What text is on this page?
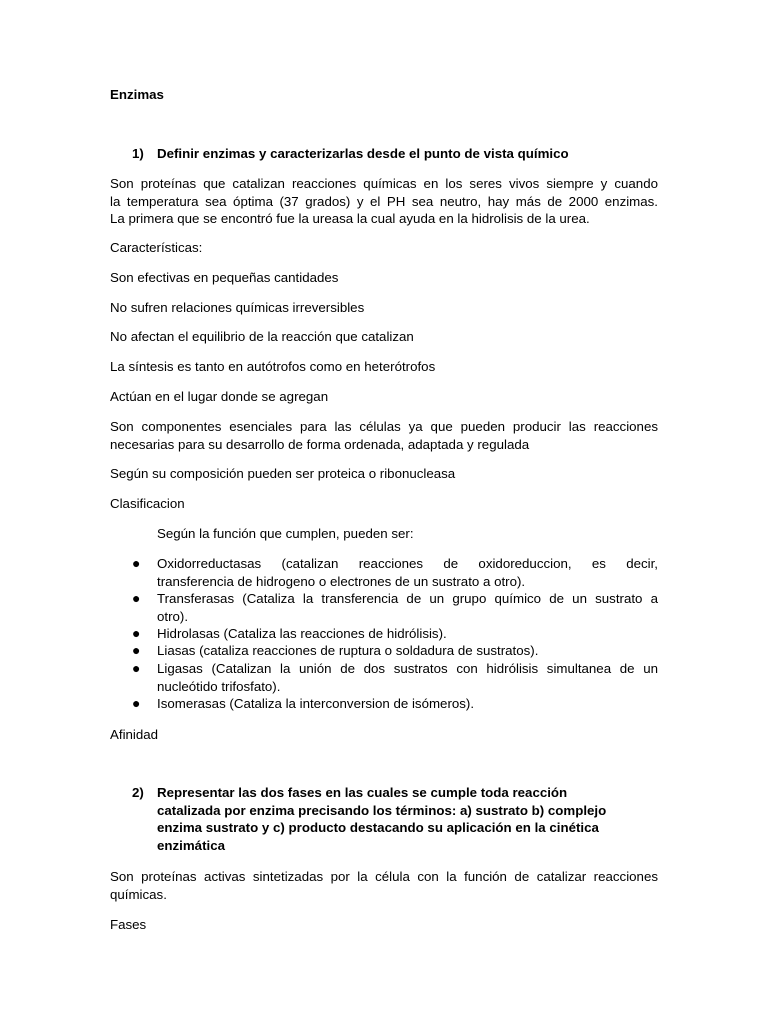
Enzimas

1) Definir enzimas y caracterizarlas desde el punto de vista químico

Son proteínas que catalizan reacciones químicas en los seres vivos siempre y cuando
la temperatura sea óptima (37 grados) y el PH sea neutro, hay más de 2000 enzimas.
La primera que se encontró fue la ureasa la cual ayuda en la hidrolisis de la urea.

Características:

Son efectivas en pequeñas cantidades

No sufren relaciones químicas irreversibles

No afectan el equilibrio de la reacción que catalizan

La síntesis es tanto en autótrofos como en heterótrofos

Actúan en el lugar donde se agregan

Son componentes esenciales para las células ya que pueden producir las reacciones
necesarias para su desarrollo de forma ordenada, adaptada y regulada

Según su composición pueden ser proteica o ribonucleasa

Clasificacion

Según la función que cumplen, pueden ser:

● Oxidorreductasas (catalizan reacciones de oxidoreduccion, es decir,
transferencia de hidrogeno o electrones de un sustrato a otro).
● Transferasas (Cataliza la transferencia de un grupo químico de un sustrato a
otro).
● Hidrolasas (Cataliza las reacciones de hidrólisis).
● Liasas (cataliza reacciones de ruptura o soldadura de sustratos).
● Ligasas (Catalizan la unión de dos sustratos con hidrólisis simultanea de un
nucleótido trifosfato).
● Isomerasas (Cataliza la interconversion de isómeros).

Afinidad

2) Representar las dos fases en las cuales se cumple toda reacción
catalizada por enzima precisando los términos: a) sustrato b) complejo
enzima sustrato y c) producto destacando su aplicación en la cinética
enzimática
Son proteínas activas sintetizadas por la célula con la función de catalizar reacciones
químicas.

Fases
